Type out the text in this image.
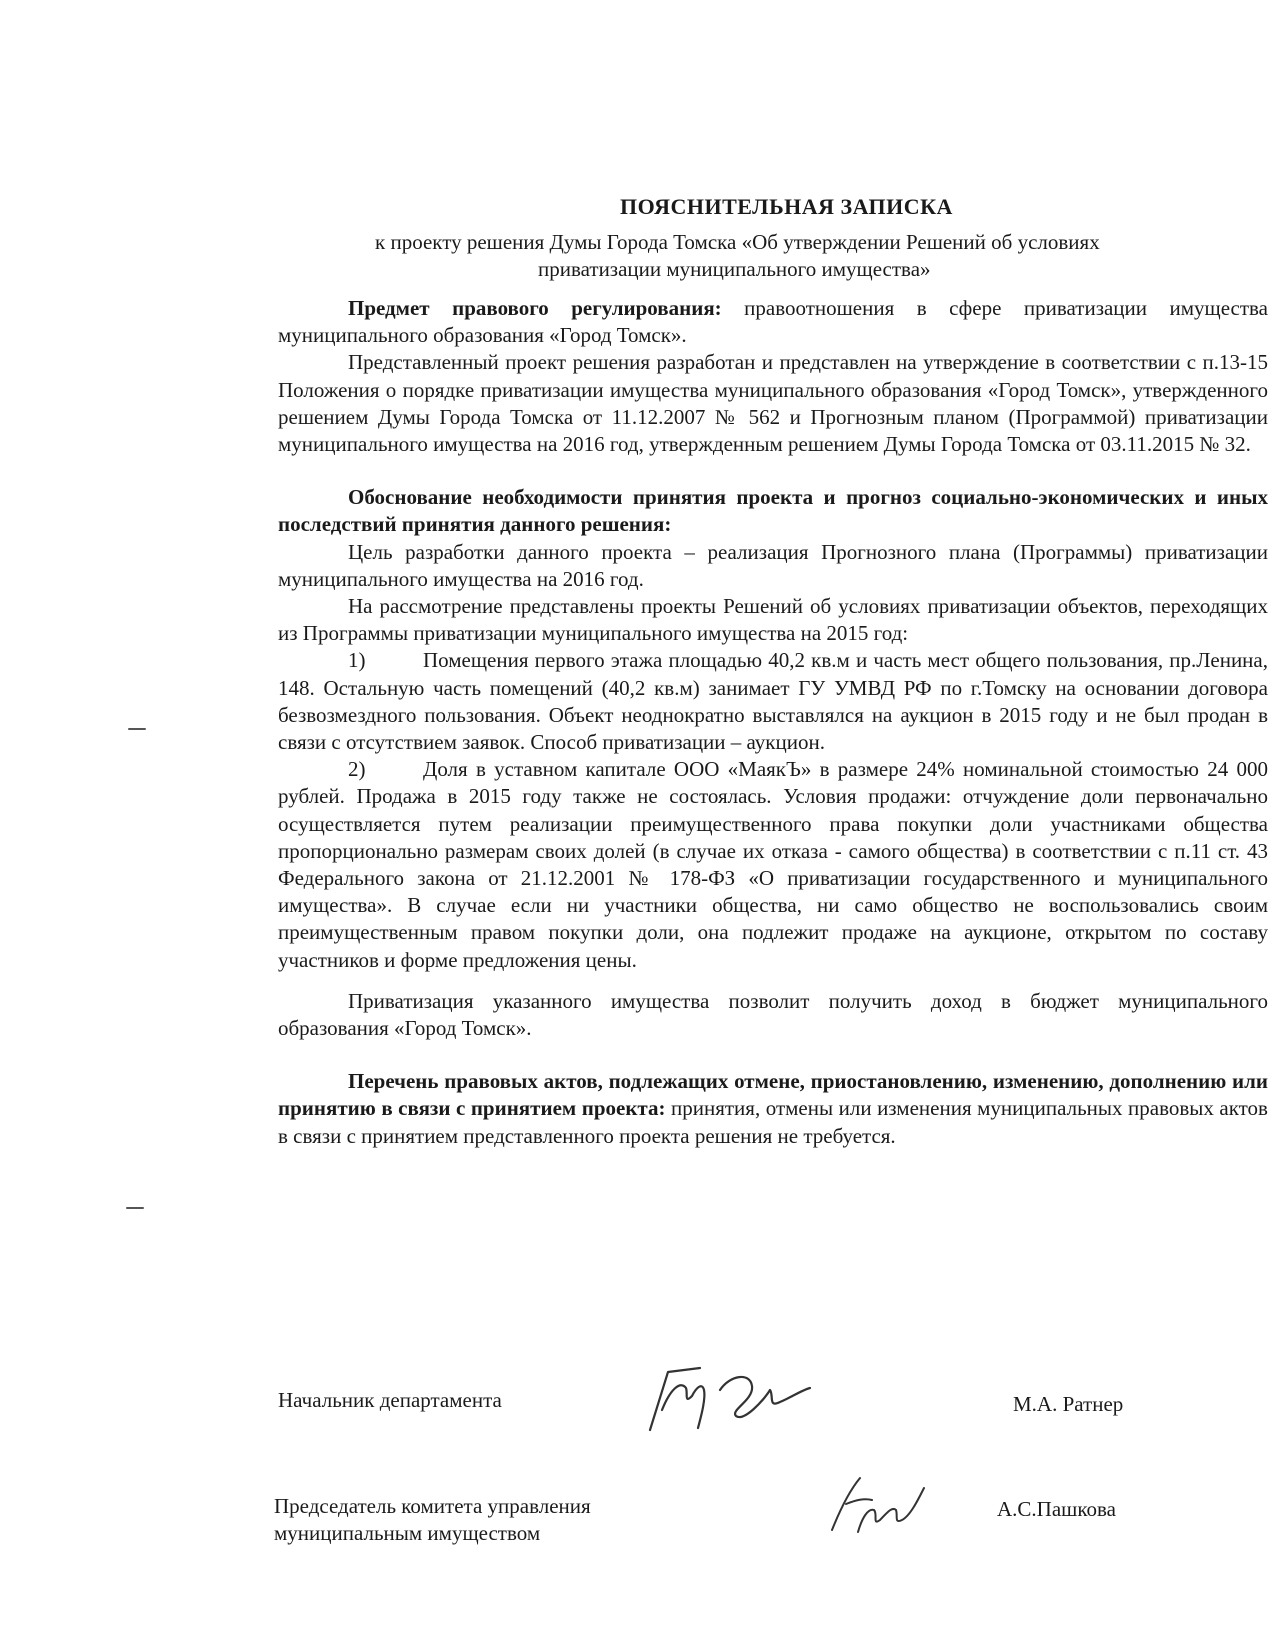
ПОЯСНИТЕЛЬНАЯ ЗАПИСКА
к проекту решения Думы Города Томска «Об утверждении Решений об условиях
приватизации муниципального имущества»

Предмет правового регулирования: правоотношения в сфере приватизации имущества муниципального образования «Город Томск».

Представленный проект решения разработан и представлен на утверждение в соответствии с п.13-15 Положения о порядке приватизации имущества муниципального образования «Город Томск», утвержденного решением Думы Города Томска от 11.12.2007 № 562 и Прогнозным планом (Программой) приватизации муниципального имущества на 2016 год, утвержденным решением Думы Города Томска от 03.11.2015 № 32.

Обоснование необходимости принятия проекта и прогноз социально-экономических и иных последствий принятия данного решения:

Цель разработки данного проекта – реализация Прогнозного плана (Программы) приватизации муниципального имущества на 2016 год.

На рассмотрение представлены проекты Решений об условиях приватизации объектов, переходящих из Программы приватизации муниципального имущества на 2015 год:

1)	Помещения первого этажа площадью 40,2 кв.м и часть мест общего пользования, пр.Ленина, 148. Остальную часть помещений (40,2 кв.м) занимает ГУ УМВД РФ по г.Томску на основании договора безвозмездного пользования. Объект неоднократно выставлялся на аукцион в 2015 году и не был продан в связи с отсутствием заявок. Способ приватизации – аукцион.

2)	Доля в уставном капитале ООО «МаякЪ» в размере 24% номинальной стоимостью 24 000 рублей. Продажа в 2015 году также не состоялась. Условия продажи: отчуждение доли первоначально осуществляется путем реализации преимущественного права покупки доли участниками общества пропорционально размерам своих долей (в случае их отказа - самого общества) в соответствии с п.11 ст. 43 Федерального закона от 21.12.2001 № 178-ФЗ «О приватизации государственного и муниципального имущества». В случае если ни участники общества, ни само общество не воспользовались своим преимущественным правом покупки доли, она подлежит продаже на аукционе, открытом по составу участников и форме предложения цены.

Приватизация указанного имущества позволит получить доход в бюджет муниципального образования «Город Томск».

Перечень правовых актов, подлежащих отмене, приостановлению, изменению, дополнению или принятию в связи с принятием проекта: принятия, отмены или изменения муниципальных правовых актов в связи с принятием представленного проекта решения не требуется.

Начальник департамента	М.А. Ратнер
Председатель комитета управления
муниципальным имуществом
А.С.Пашкова
